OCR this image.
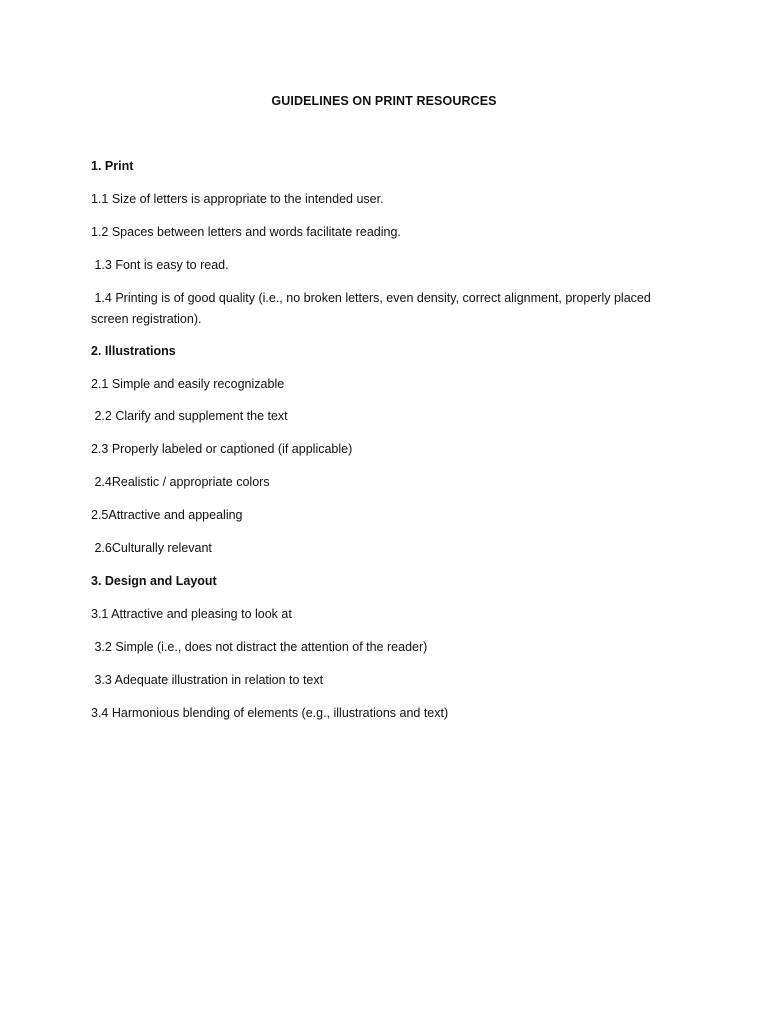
GUIDELINES ON PRINT RESOURCES
1. Print
1.1 Size of letters is appropriate to the intended user.
1.2 Spaces between letters and words facilitate reading.
1.3 Font is easy to read.
1.4 Printing is of good quality (i.e., no broken letters, even density, correct alignment, properly placed screen registration).
2. Illustrations
2.1 Simple and easily recognizable
2.2 Clarify and supplement the text
2.3 Properly labeled or captioned (if applicable)
2.4Realistic / appropriate colors
2.5Attractive and appealing
2.6Culturally relevant
3. Design and Layout
3.1 Attractive and pleasing to look at
3.2 Simple (i.e., does not distract the attention of the reader)
3.3 Adequate illustration in relation to text
3.4 Harmonious blending of elements (e.g., illustrations and text)
